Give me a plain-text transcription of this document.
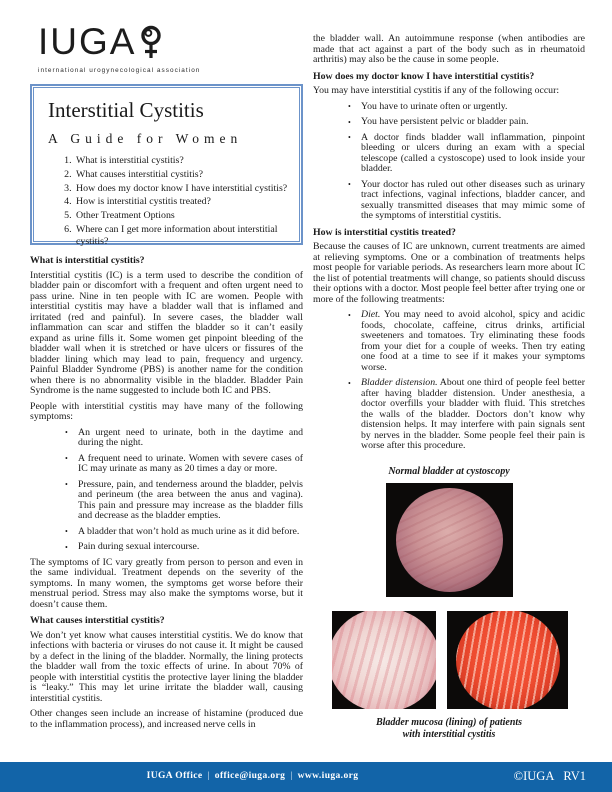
IUGA
international urogynecological association
Interstitial Cystitis
A Guide for Women
1. What is interstitial cystitis?
2. What causes interstitial cystitis?
3. How does my doctor know I have interstitial cystitis?
4. How is interstitial cystitis treated?
5. Other Treatment Options
6. Where can I get more information about interstitial cystitis?
What is interstitial cystitis?

Interstitial cystitis (IC) is a term used to describe the condition of bladder pain or discomfort with a frequent and often urgent need to pass urine. Nine in ten people with IC are women. People with interstitial cystitis may have a bladder wall that is inflamed and irritated (red and painful). In severe cases, the bladder wall inflammation can scar and stiffen the bladder so it can’t easily expand as urine fills it. Some women get pinpoint bleeding of the bladder wall when it is stretched or have ulcers or fissures of the bladder lining which may lead to pain, frequency and urgency. Painful Bladder Syndrome (PBS) is another name for the condition when there is no abnormality visible in the bladder. Bladder Pain Syndrome is the name suggested to include both IC and PBS.

People with interstitial cystitis may have many of the following symptoms:

• An urgent need to urinate, both in the daytime and during the night.
• A frequent need to urinate. Women with severe cases of IC may urinate as many as 20 times a day or more.
• Pressure, pain, and tenderness around the bladder, pelvis and perineum (the area between the anus and vagina). This pain and pressure may increase as the bladder fills and decrease as the bladder empties.
• A bladder that won’t hold as much urine as it did before.
• Pain during sexual intercourse.

The symptoms of IC vary greatly from person to person and even in the same individual. Treatment depends on the severity of the symptoms. In many women, the symptoms get worse before their menstrual period. Stress may also make the symptoms worse, but it doesn’t cause them.

What causes interstitial cystitis?

We don’t yet know what causes interstitial cystitis. We do know that infections with bacteria or viruses do not cause it. It might be caused by a defect in the lining of the bladder. Normally, the lining protects the bladder wall from the toxic effects of urine. In about 70% of people with interstitial cystitis the protective layer lining the bladder is “leaky.” This may let urine irritate the bladder wall, causing interstitial cystitis.

Other changes seen include an increase of histamine (produced due to the inflammation process), and increased nerve cells in

the bladder wall. An autoimmune response (when antibodies are made that act against a part of the body such as in rheumatoid arthritis) may also be the cause in some people.

How does my doctor know I have interstitial cystitis?

You may have interstitial cystitis if any of the following occur:

• You have to urinate often or urgently.
• You have persistent pelvic or bladder pain.
• A doctor finds bladder wall inflammation, pinpoint bleeding or ulcers during an exam with a special telescope (called a cystoscope) used to look inside your bladder.
• Your doctor has ruled out other diseases such as urinary tract infections, vaginal infections, bladder cancer, and sexually transmitted diseases that may mimic some of the symptoms of interstitial cystitis.
How is interstitial cystitis treated?

Because the causes of IC are unknown, current treatments are aimed at relieving symptoms. One or a combination of treatments helps most people for variable periods. As researchers learn more about IC the list of potential treatments will change, so patients should discuss their options with a doctor. Most people feel better after trying one or more of the following treatments:

• Diet. You may need to avoid alcohol, spicy and acidic foods, chocolate, caffeine, citrus drinks, artificial sweeteners and tomatoes. Try eliminating these foods from your diet for a couple of weeks. Then try eating one food at a time to see if it makes your symptoms worse.
• Bladder distension. About one third of people feel better after having bladder distension. Under anesthesia, a doctor overfills your bladder with fluid. This stretches the walls of the bladder. Doctors don’t know why distension helps. It may interfere with pain signals sent by nerves in the bladder. Some people feel their pain is worse after this procedure.
Normal bladder at cystoscopy
Bladder mucosa (lining) of patients
with interstitial cystitis
IUGA Office | office@iuga.org | www.iuga.org	©IUGA RV1
